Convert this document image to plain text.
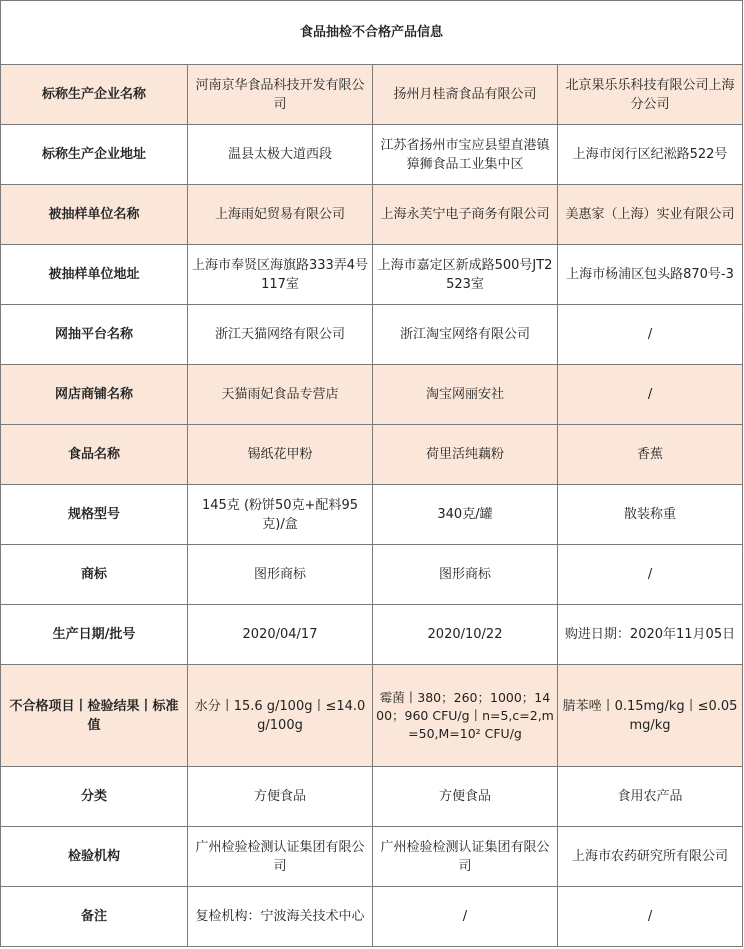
食品抽检不合格产品信息			
标称生产企业名称	河南京华食品科技开发有限公司	扬州月桂斋食品有限公司	北京果乐乐科技有限公司上海分公司
标称生产企业地址	温县太极大道西段	江苏省扬州市宝应县望直港镇獐狮食品工业集中区	上海市闵行区纪淞路522号
被抽样单位名称	上海雨妃贸易有限公司	上海永芙宁电子商务有限公司	美惠家（上海）实业有限公司
被抽样单位地址	上海市奉贤区海旗路333弄4号117室	上海市嘉定区新成路500号JT2523室	上海市杨浦区包头路870号-3
网抽平台名称	浙江天猫网络有限公司	浙江淘宝网络有限公司	/
网店商铺名称	天猫雨妃食品专营店	淘宝网丽安社	/
食品名称	锡纸花甲粉	荷里活纯藕粉	香蕉
规格型号	145克 (粉饼50克+配料95克)/盒	340克/罐	散装称重
商标	图形商标	图形商标	/
生产日期/批号	2020/04/17	2020/10/22	购进日期：2020年11月05日
不合格项目丨检验结果丨标准值	水分丨15.6 g/100g丨≤14.0 g/100g	霉菌丨380；260；1000；1400；960 CFU/g丨n=5,c=2,m=50,M=10² CFU/g	腈苯唑丨0.15mg/kg丨≤0.05mg/kg
分类	方便食品	方便食品	食用农产品
检验机构	广州检验检测认证集团有限公司	广州检验检测认证集团有限公司	上海市农药研究所有限公司
备注	复检机构：宁波海关技术中心	/	/
